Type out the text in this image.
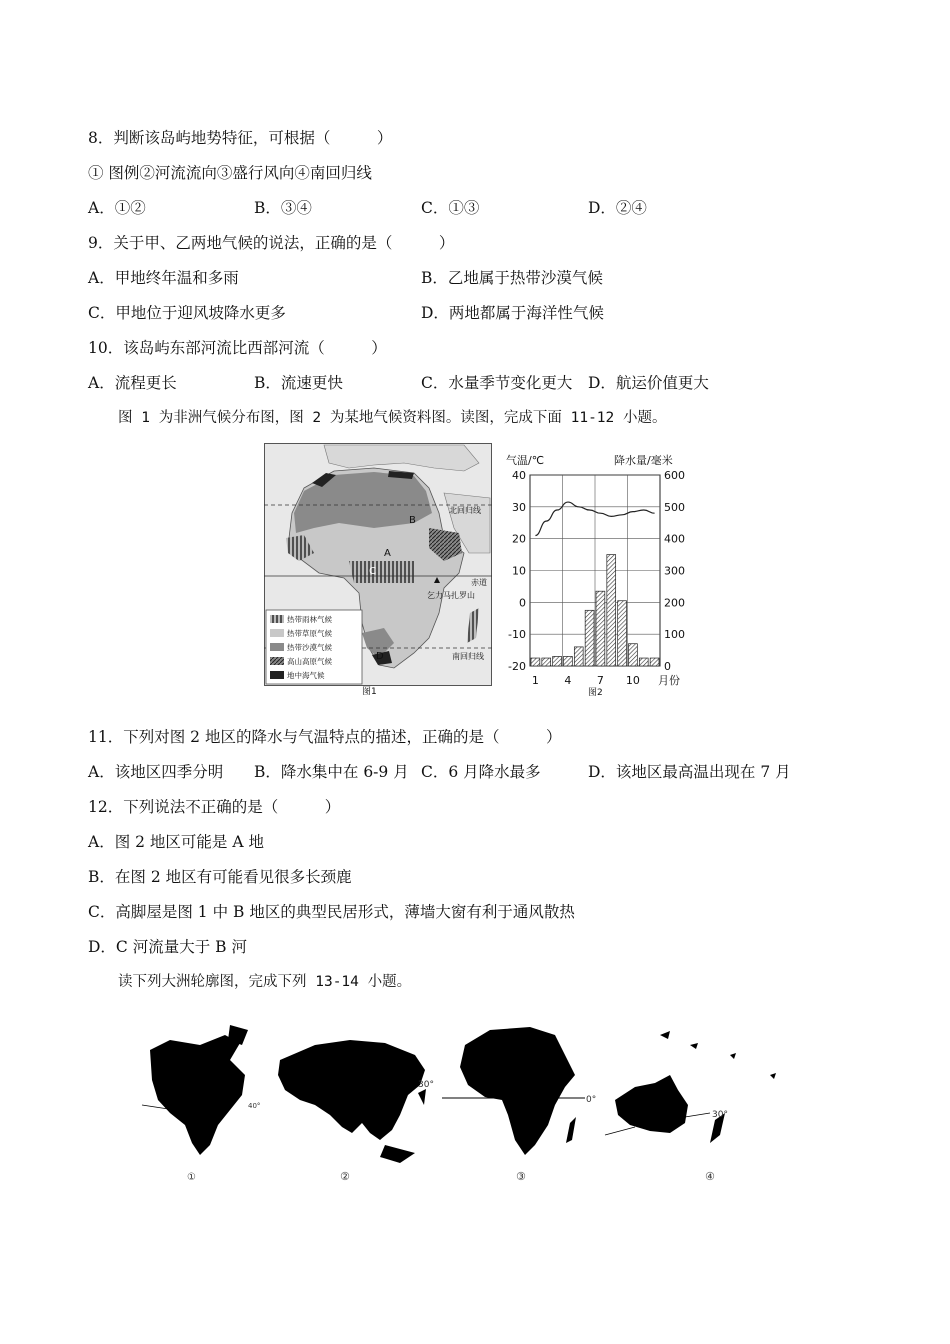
8．判断该岛屿地势特征，可根据（　　　）
① 图例②河流流向③盛行风向④南回归线
A．①②	B．③④	C．①③	D．②④
9．关于甲、乙两地气候的说法，正确的是（　　　）
A．甲地终年温和多雨	B．乙地属于热带沙漠气候
C．甲地位于迎风坡降水更多	D．两地都属于海洋性气候
10．该岛屿东部河流比西部河流（　　　）
A．流程更长	B．流速更快	C．水量季节变化更大 D．航运价值更大
图 1 为非洲气候分布图，图 2 为某地气候资料图。读图，完成下面 11-12 小题。
北回归线
赤道
南回归线
乞力马扎罗山
A
B
C
D
热带雨林气候
热带草原气候
热带沙漠气候
高山高原气候
地中海气候
图1
气温/℃	降水量/毫米
40	600
30	500
20	400
10	300
0	200
-10	100
-20	0
1 4 7 10 月份
图2
11．下列对图 2 地区的降水与气温特点的描述，正确的是（　　　）
A．该地区四季分明 B．降水集中在 6-9 月 C．6 月降水最多	D．该地区最高温出现在 7 月
12．下列说法不正确的是（　　　）
A．图 2 地区可能是 A 地
B．在图 2 地区有可能看见很多长颈鹿
C．高脚屋是图 1 中 B 地区的典型民居形式，薄墙大窗有利于通风散热
D．C 河流量大于 B 河
读下列大洲轮廓图，完成下列 13-14 小题。
40°
①
30°
②
0°
③
30°
④
